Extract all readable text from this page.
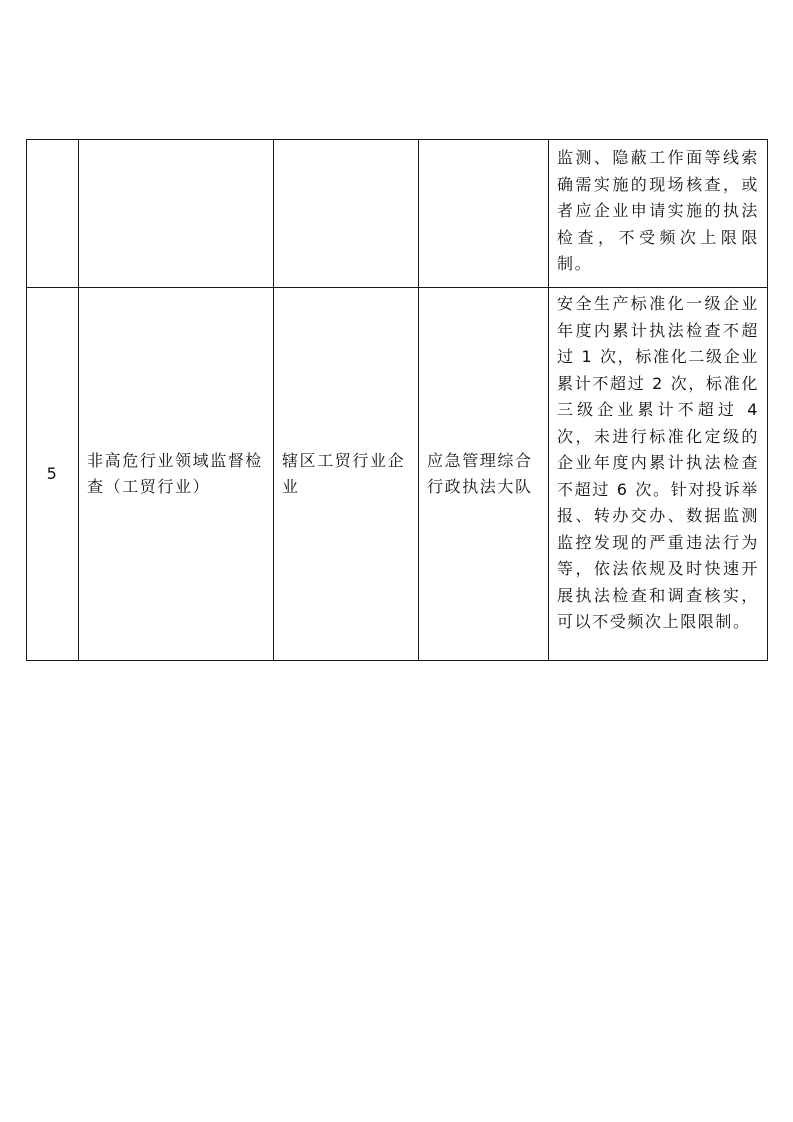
				监测、隐蔽工作面等线索确需实施的现场核查，或者应企业申请实施的执法检查，不受频次上限限制。
5	非高危行业领域监督检查（工贸行业）	辖区工贸行业企业	应急管理综合行政执法大队	安全生产标准化一级企业年度内累计执法检查不超过 1 次，标准化二级企业累计不超过 2 次，标准化三级企业累计不超过 4 次，未进行标准化定级的企业年度内累计执法检查不超过 6 次。针对投诉举报、转办交办、数据监测监控发现的严重违法行为等，依法依规及时快速开展执法检查和调查核实，可以不受频次上限限制。
